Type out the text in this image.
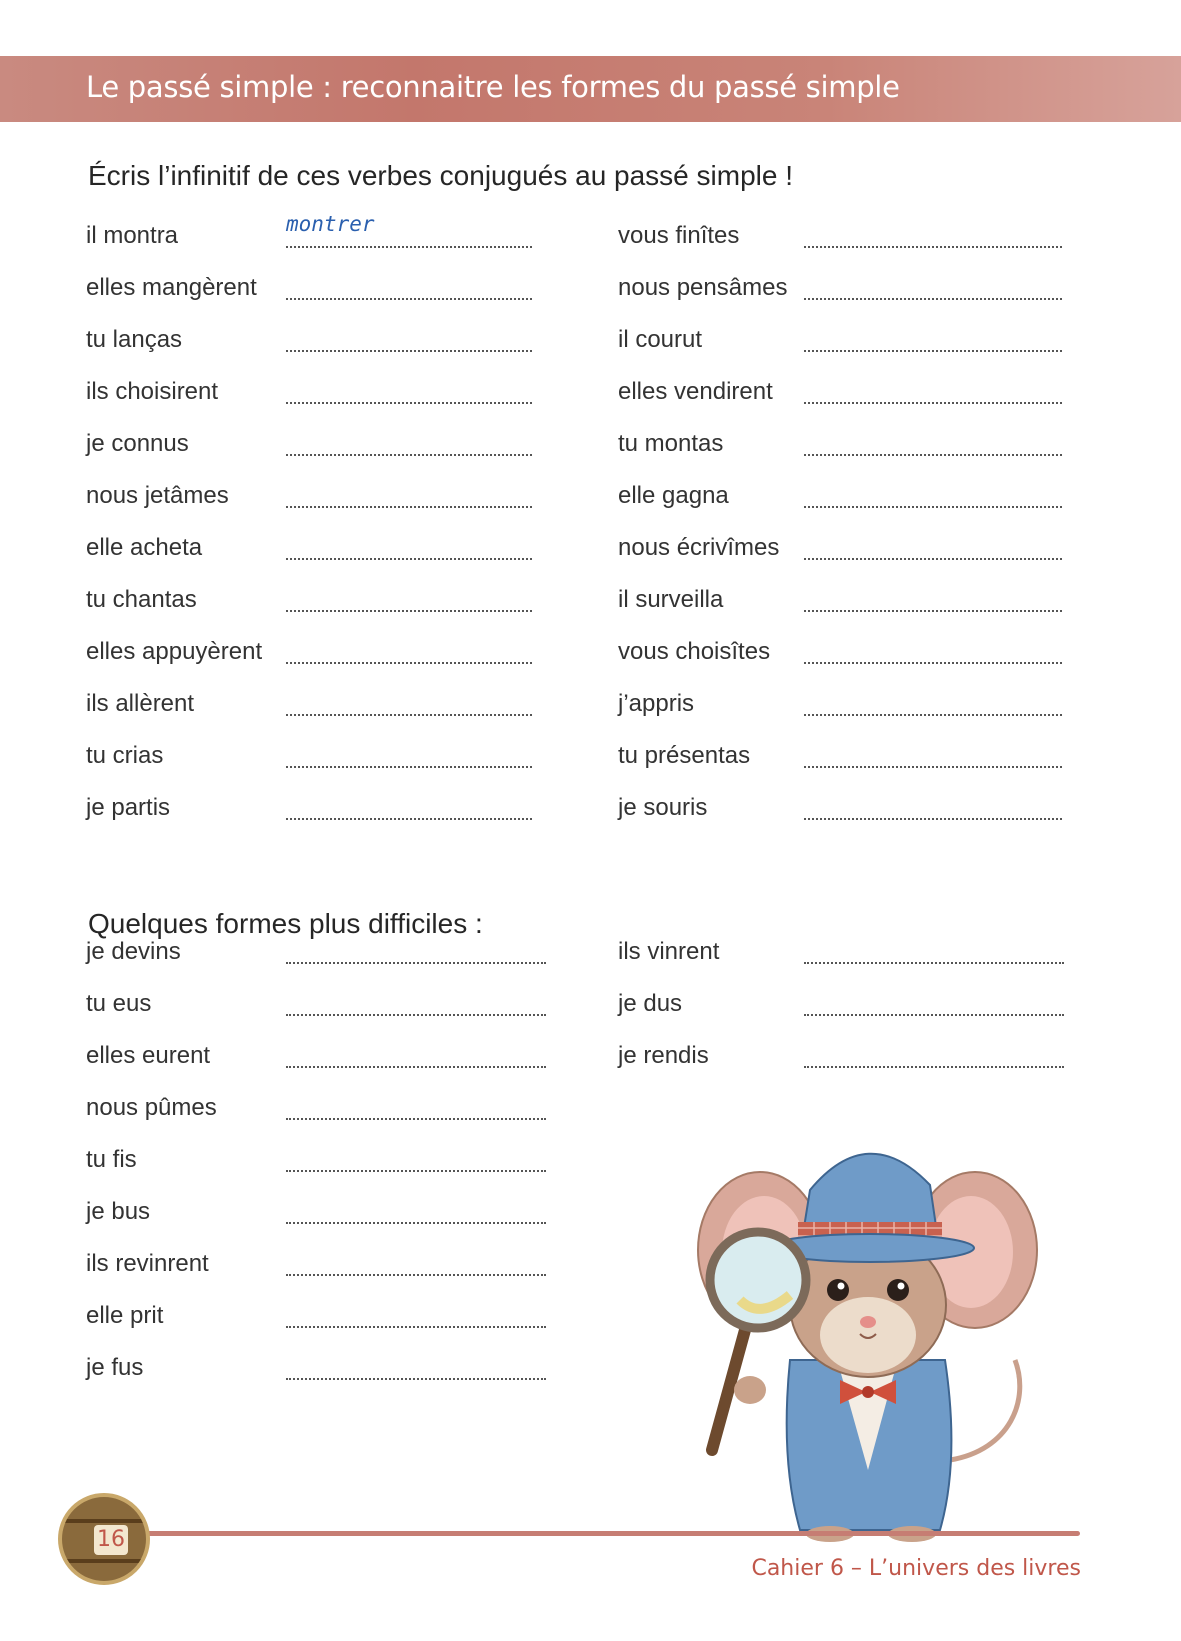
Le passé simple : reconnaitre les formes du passé simple
Écris l’infinitif de ces verbes conjugués au passé simple !
il montra	montrer
elles mangèrent
tu lanças
ils choisirent
je connus
nous jetâmes
elle acheta
tu chantas
elles appuyèrent
ils allèrent
tu crias
je partis
vous finîtes
nous pensâmes
il courut
elles vendirent
tu montas
elle gagna
nous écrivîmes
il surveilla
vous choisîtes
j’appris
tu présentas
je souris
Quelques formes plus difficiles :
je devins
tu eus
elles eurent
nous pûmes
tu fis
je bus
ils revinrent
elle prit
je fus
ils vinrent
je dus
je rendis
16
Cahier 6 – L’univers des livres
